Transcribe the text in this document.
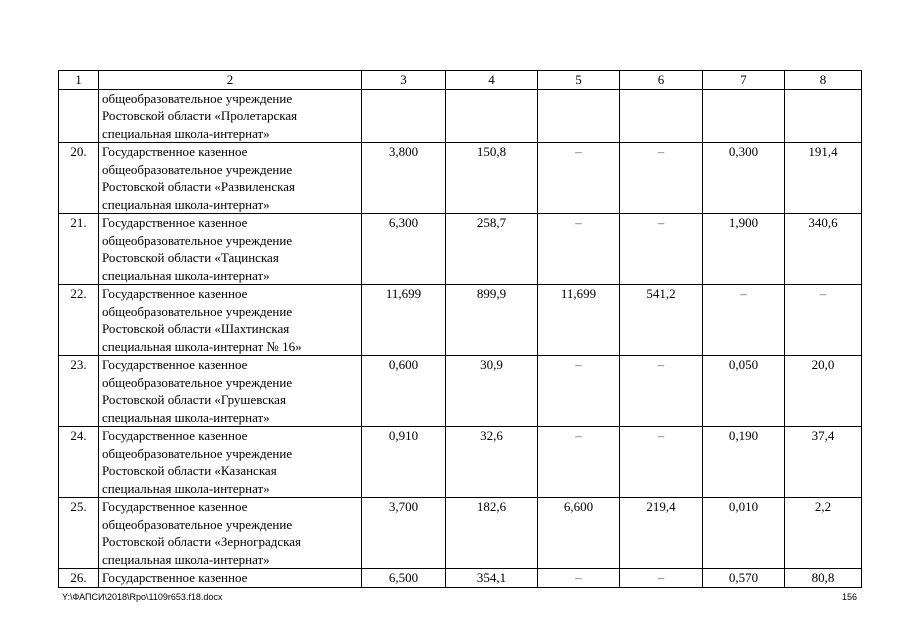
1	2	3	4	5	6	7	8

	общеобразовательное учреждение
Ростовской области «Пролетарская
специальная школа-интернат»						

20.	Государственное казенное
общеобразовательное учреждение
Ростовской области «Развиленская
специальная школа-интернат»	3,800	150,8	–	–	0,300	191,4
21.	Государственное казенное
общеобразовательное учреждение
Ростовской области «Тацинская
специальная школа-интернат»	6,300	258,7	–	–	1,900	340,6
22.	Государственное казенное
общеобразовательное учреждение
Ростовской области «Шахтинская
специальная школа-интернат № 16»	11,699	899,9	11,699	541,2	–	–
23.	Государственное казенное
общеобразовательное учреждение
Ростовской области «Грушевская
специальная школа-интернат»	0,600	30,9	–	–	0,050	20,0
24.	Государственное казенное
общеобразовательное учреждение
Ростовской области «Казанская
специальная школа-интернат»	0,910	32,6	–	–	0,190	37,4
25.	Государственное казенное
общеобразовательное учреждение
Ростовской области «Зерноградская
специальная школа-интернат»	3,700	182,6	6,600	219,4	0,010	2,2
26.	Государственное казенное	6,500	354,1	–	–	0,570	80,8
Y:\ФАПСИ\2018\Rpo\1109r653.f18.docx	156
